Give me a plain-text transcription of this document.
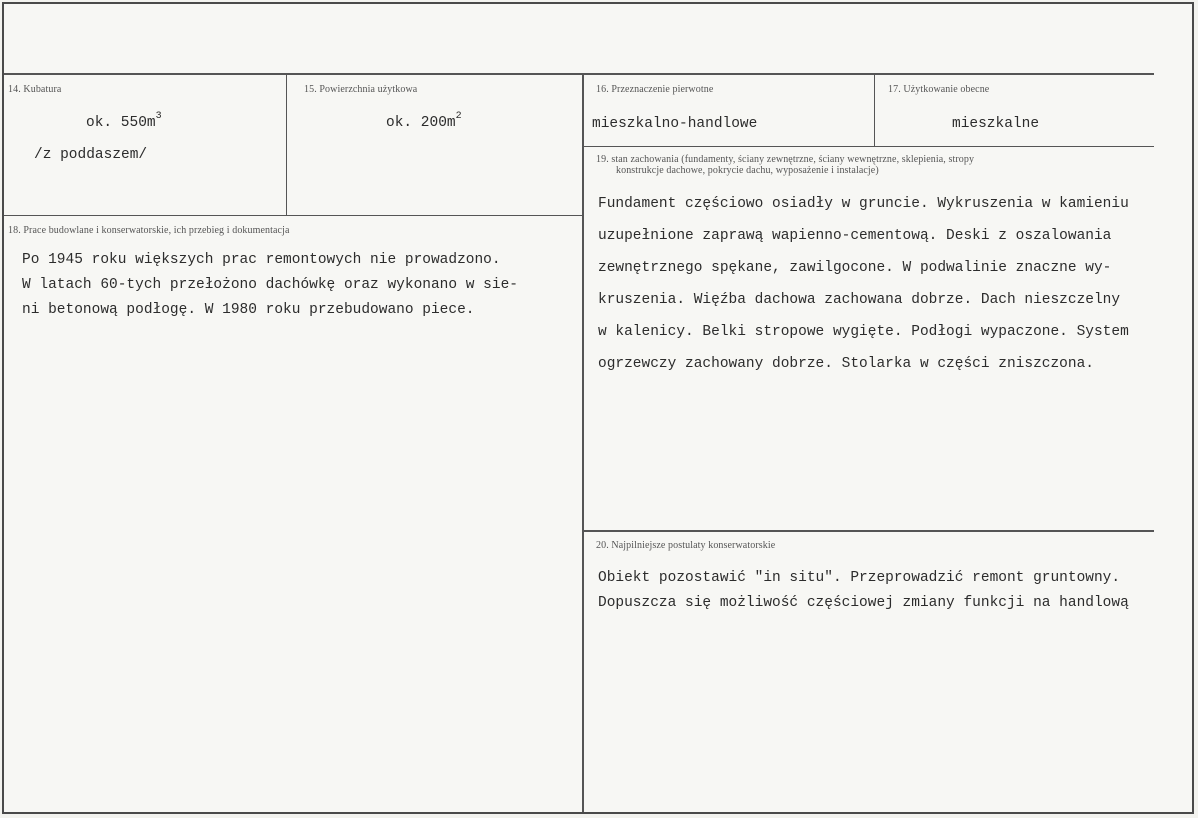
14. Kubatura
ok. $550m^3$
/z poddaszem/
15. Powierzchnia użytkowa
ok. $200m^2$
16. Przeznaczenie pierwotne
mieszkalno-handlowe
17. Użytkowanie obecne
mieszkalne
18. Prace budowlane i konserwatorskie, ich przebieg i dokumentacja
Po 1945 roku większych prac remontowych nie prowadzono.
W latach 60-tych przełożono dachówkę oraz wykonano w sie-
ni betonową podłogę. W 1980 roku przebudowano piece.
19. stan zachowania (fundamenty, ściany zewnętrzne, ściany wewnętrzne, sklepienia, stropy
konstrukcje dachowe, pokrycie dachu, wyposażenie i instalacje)
Fundament częściowo osiadły w gruncie. Wykruszenia w kamieniu
uzupełnione zaprawą wapienno-cementową. Deski z oszalowania
zewnętrznego spękane, zawilgocone. W podwalinie znaczne wy-
kruszenia. Więźba dachowa zachowana dobrze. Dach nieszczelny
w kalenicy. Belki stropowe wygięte. Podłogi wypaczone. System
ogrzewczy zachowany dobrze. Stolarka w części zniszczona.
20. Najpilniejsze postulaty konserwatorskie
Obiekt pozostawić "in situ". Przeprowadzić remont gruntowny.
Dopuszcza się możliwość częściowej zmiany funkcji na handlową
